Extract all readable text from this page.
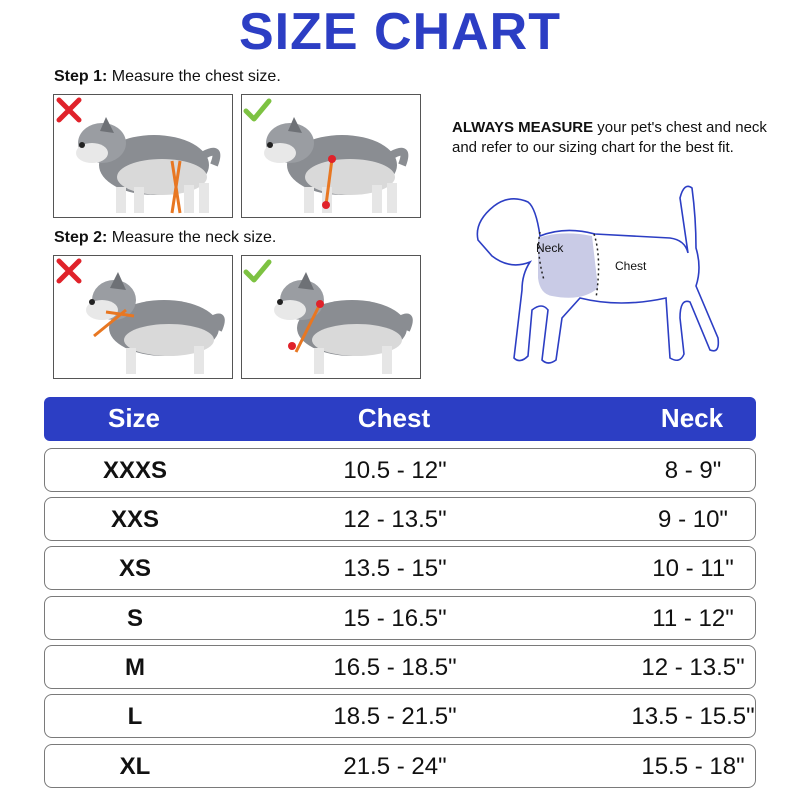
SIZE CHART
Step 1: Measure the chest size.
Step 2: Measure the neck size.
ALWAYS MEASURE your pet's chest and neck and refer to our sizing chart for the best fit.
Neck
Chest
Size	Chest	Neck
XXXS	10.5 - 12"	8 - 9"
XXS	12 - 13.5"	9 - 10"
XS	13.5 - 15"	10 - 11"
S	15 - 16.5"	11 - 12"
M	16.5 - 18.5"	12 - 13.5"
L	18.5 - 21.5"	13.5 - 15.5"
XL	21.5 - 24"	15.5 - 18"
